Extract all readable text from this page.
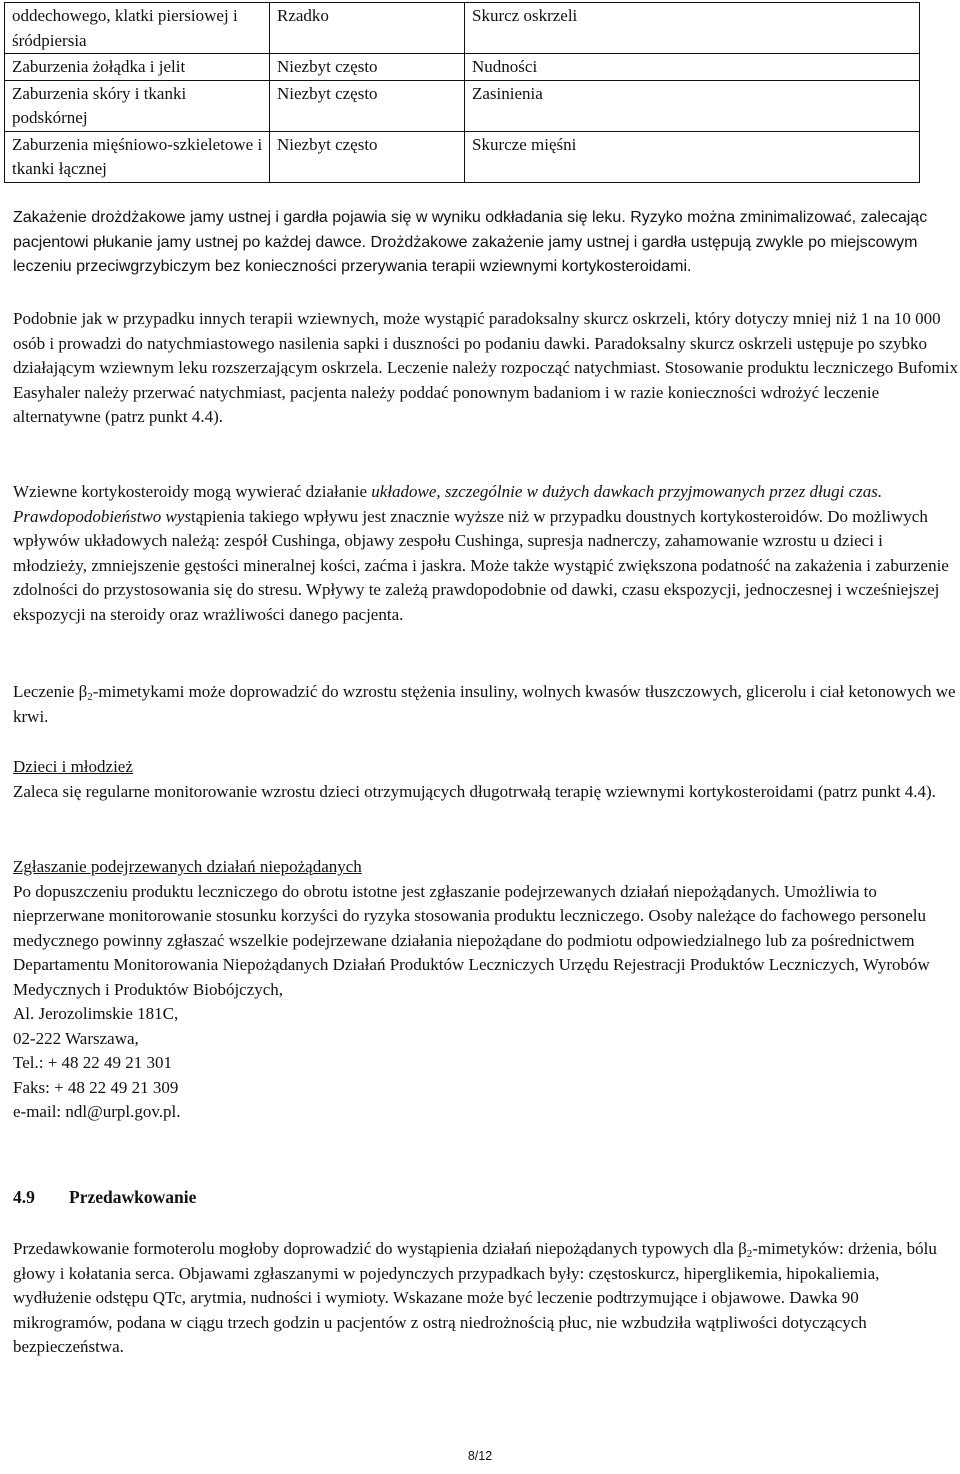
oddechowego, klatki piersiowej i śródpiersia	Rzadko	Skurcz oskrzeli
Zaburzenia żołądka i jelit	Niezbyt często	Nudności
Zaburzenia skóry i tkanki podskórnej	Niezbyt często	Zasinienia
Zaburzenia mięśniowo-szkieletowe i tkanki łącznej	Niezbyt często	Skurcze mięśni

Zakażenie drożdżakowe jamy ustnej i gardła pojawia się w wyniku odkładania się leku. Ryzyko można zminimalizować, zalecając pacjentowi płukanie jamy ustnej po każdej dawce. Drożdżakowe zakażenie jamy ustnej i gardła ustępują zwykle po miejscowym leczeniu przeciwgrzybiczym bez konieczności przerywania terapii wziewnymi kortykosteroidami.

Podobnie jak w przypadku innych terapii wziewnych, może wystąpić paradoksalny skurcz oskrzeli, który dotyczy mniej niż 1 na 10 000 osób i prowadzi do natychmiastowego nasilenia sapki i duszności po podaniu dawki. Paradoksalny skurcz oskrzeli ustępuje po szybko działającym wziewnym leku rozszerzającym oskrzela. Leczenie należy rozpocząć natychmiast. Stosowanie produktu leczniczego Bufomix Easyhaler należy przerwać natychmiast, pacjenta należy poddać ponownym badaniom i w razie konieczności wdrożyć leczenie alternatywne (patrz punkt 4.4).

Wziewne kortykosteroidy mogą wywierać działanie układowe, szczególnie w dużych dawkach przyjmowanych przez długi czas. Prawdopodobieństwo wystąpienia takiego wpływu jest znacznie wyższe niż w przypadku doustnych kortykosteroidów. Do możliwych wpływów układowych należą: zespół Cushinga, objawy zespołu Cushinga, supresja nadnerczy, zahamowanie wzrostu u dzieci i młodzieży, zmniejszenie gęstości mineralnej kości, zaćma i jaskra. Może także wystąpić zwiększona podatność na zakażenia i zaburzenie zdolności do przystosowania się do stresu. Wpływy te zależą prawdopodobnie od dawki, czasu ekspozycji, jednoczesnej i wcześniejszej ekspozycji na steroidy oraz wrażliwości danego pacjenta.

Leczenie $\beta_2$-mimetykami może doprowadzić do wzrostu stężenia insuliny, wolnych kwasów tłuszczowych, glicerolu i ciał ketonowych we krwi.

Dzieci i młodzież

Zaleca się regularne monitorowanie wzrostu dzieci otrzymujących długotrwałą terapię wziewnymi kortykosteroidami (patrz punkt 4.4).

Zgłaszanie podejrzewanych działań niepożądanych

Po dopuszczeniu produktu leczniczego do obrotu istotne jest zgłaszanie podejrzewanych działań niepożądanych. Umożliwia to nieprzerwane monitorowanie stosunku korzyści do ryzyka stosowania produktu leczniczego. Osoby należące do fachowego personelu medycznego powinny zgłaszać wszelkie podejrzewane działania niepożądane do podmiotu odpowiedzialnego lub za pośrednictwem Departamentu Monitorowania Niepożądanych Działań Produktów Leczniczych Urzędu Rejestracji Produktów Leczniczych, Wyrobów Medycznych i Produktów Biobójczych,

Al. Jerozolimskie 181C,

02-222 Warszawa,

Tel.: + 48 22 49 21 301

Faks: + 48 22 49 21 309

e-mail: ndl@urpl.gov.pl.

4.9 Przedawkowanie

Przedawkowanie formoterolu mogłoby doprowadzić do wystąpienia działań niepożądanych typowych dla $\beta_2$-mimetyków: drżenia, bólu głowy i kołatania serca. Objawami zgłaszanymi w pojedynczych przypadkach były: częstoskurcz, hiperglikemia, hipokaliemia, wydłużenie odstępu QTc, arytmia, nudności i wymioty. Wskazane może być leczenie podtrzymujące i objawowe. Dawka 90 mikrogramów, podana w ciągu trzech godzin u pacjentów z ostrą niedrożnością płuc, nie wzbudziła wątpliwości dotyczących bezpieczeństwa.

8/12
